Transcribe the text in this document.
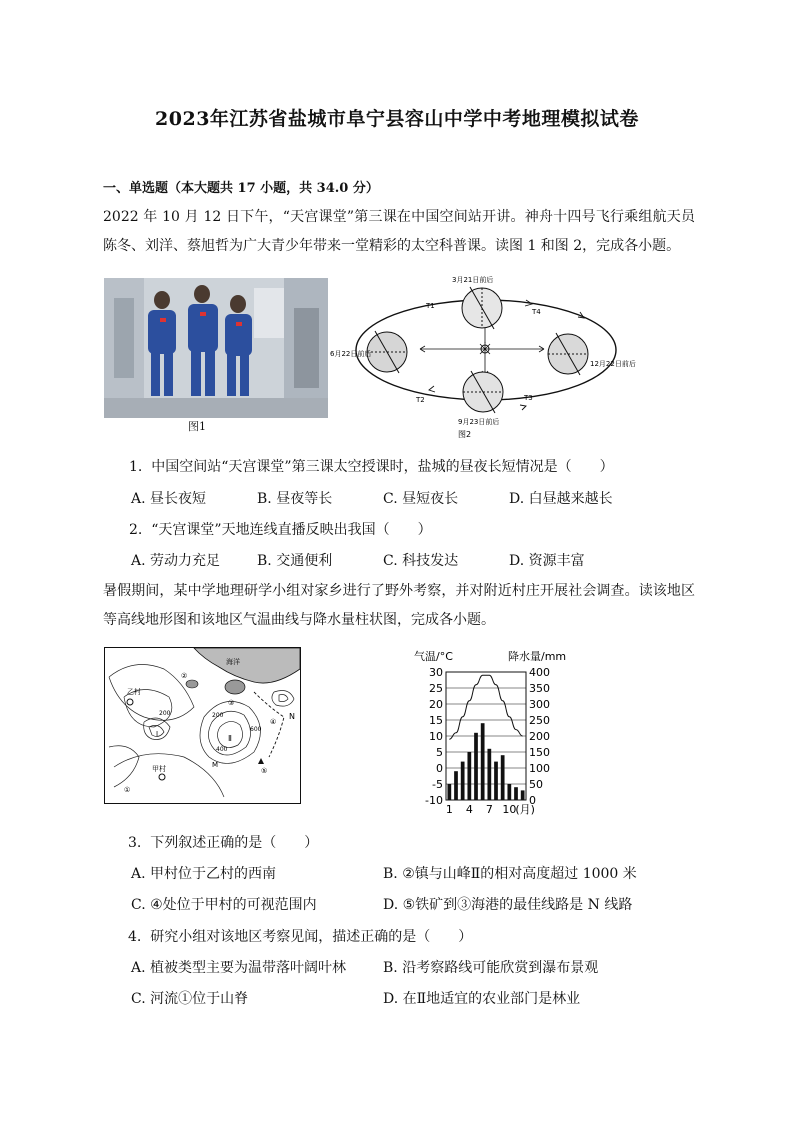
2023年江苏省盐城市阜宁县容山中学中考地理模拟试卷
一、单选题（本大题共 17 小题，共 34.0 分）
2022 年 10 月 12 日下午，“天宫课堂”第三课在中国空间站开讲。神舟十四号飞行乘组航天员陈冬、刘洋、蔡旭哲为广大青少年带来一堂精彩的太空科普课。读图 1 和图 2，完成各小题。
图1
3月21日前后
6月22日前后
12月22日前后
9月23日前后
T1
T2	T3
T4
图2
1. 中国空间站“天宫课堂”第三课太空授课时，盐城的昼夜长短情况是（　　）
A. 昼长夜短	B. 昼夜等长	C. 昼短夜长	D. 白昼越来越长
2. “天宫课堂”天地连线直播反映出我国（　　）
A. 劳动力充足	B. 交通便利	C. 科技发达	D. 资源丰富
暑假期间，某中学地理研学小组对家乡进行了野外考察，并对附近村庄开展社会调查。读该地区等高线地形图和该地区气温曲线与降水量柱状图，完成各小题。
海洋
乙村
甲村
②
③
④
⑤
①
200	200
400
600
N
M
Ⅰ	Ⅱ
气温/°C	降水量/mm
30	400
25	350
20	300
15	250
10	200
5	150
0	100
-5	50
-10	0
1 4 7 10 (月)
3. 下列叙述正确的是（　　）
A. 甲村位于乙村的西南	B. ②镇与山峰Ⅱ的相对高度超过 1000 米
C. ④处位于甲村的可视范围内	D. ⑤铁矿到③海港的最佳线路是 N 线路
4. 研究小组对该地区考察见闻，描述正确的是（　　）
A. 植被类型主要为温带落叶阔叶林	B. 沿考察路线可能欣赏到瀑布景观
C. 河流①位于山脊	D. 在Ⅱ地适宜的农业部门是林业
